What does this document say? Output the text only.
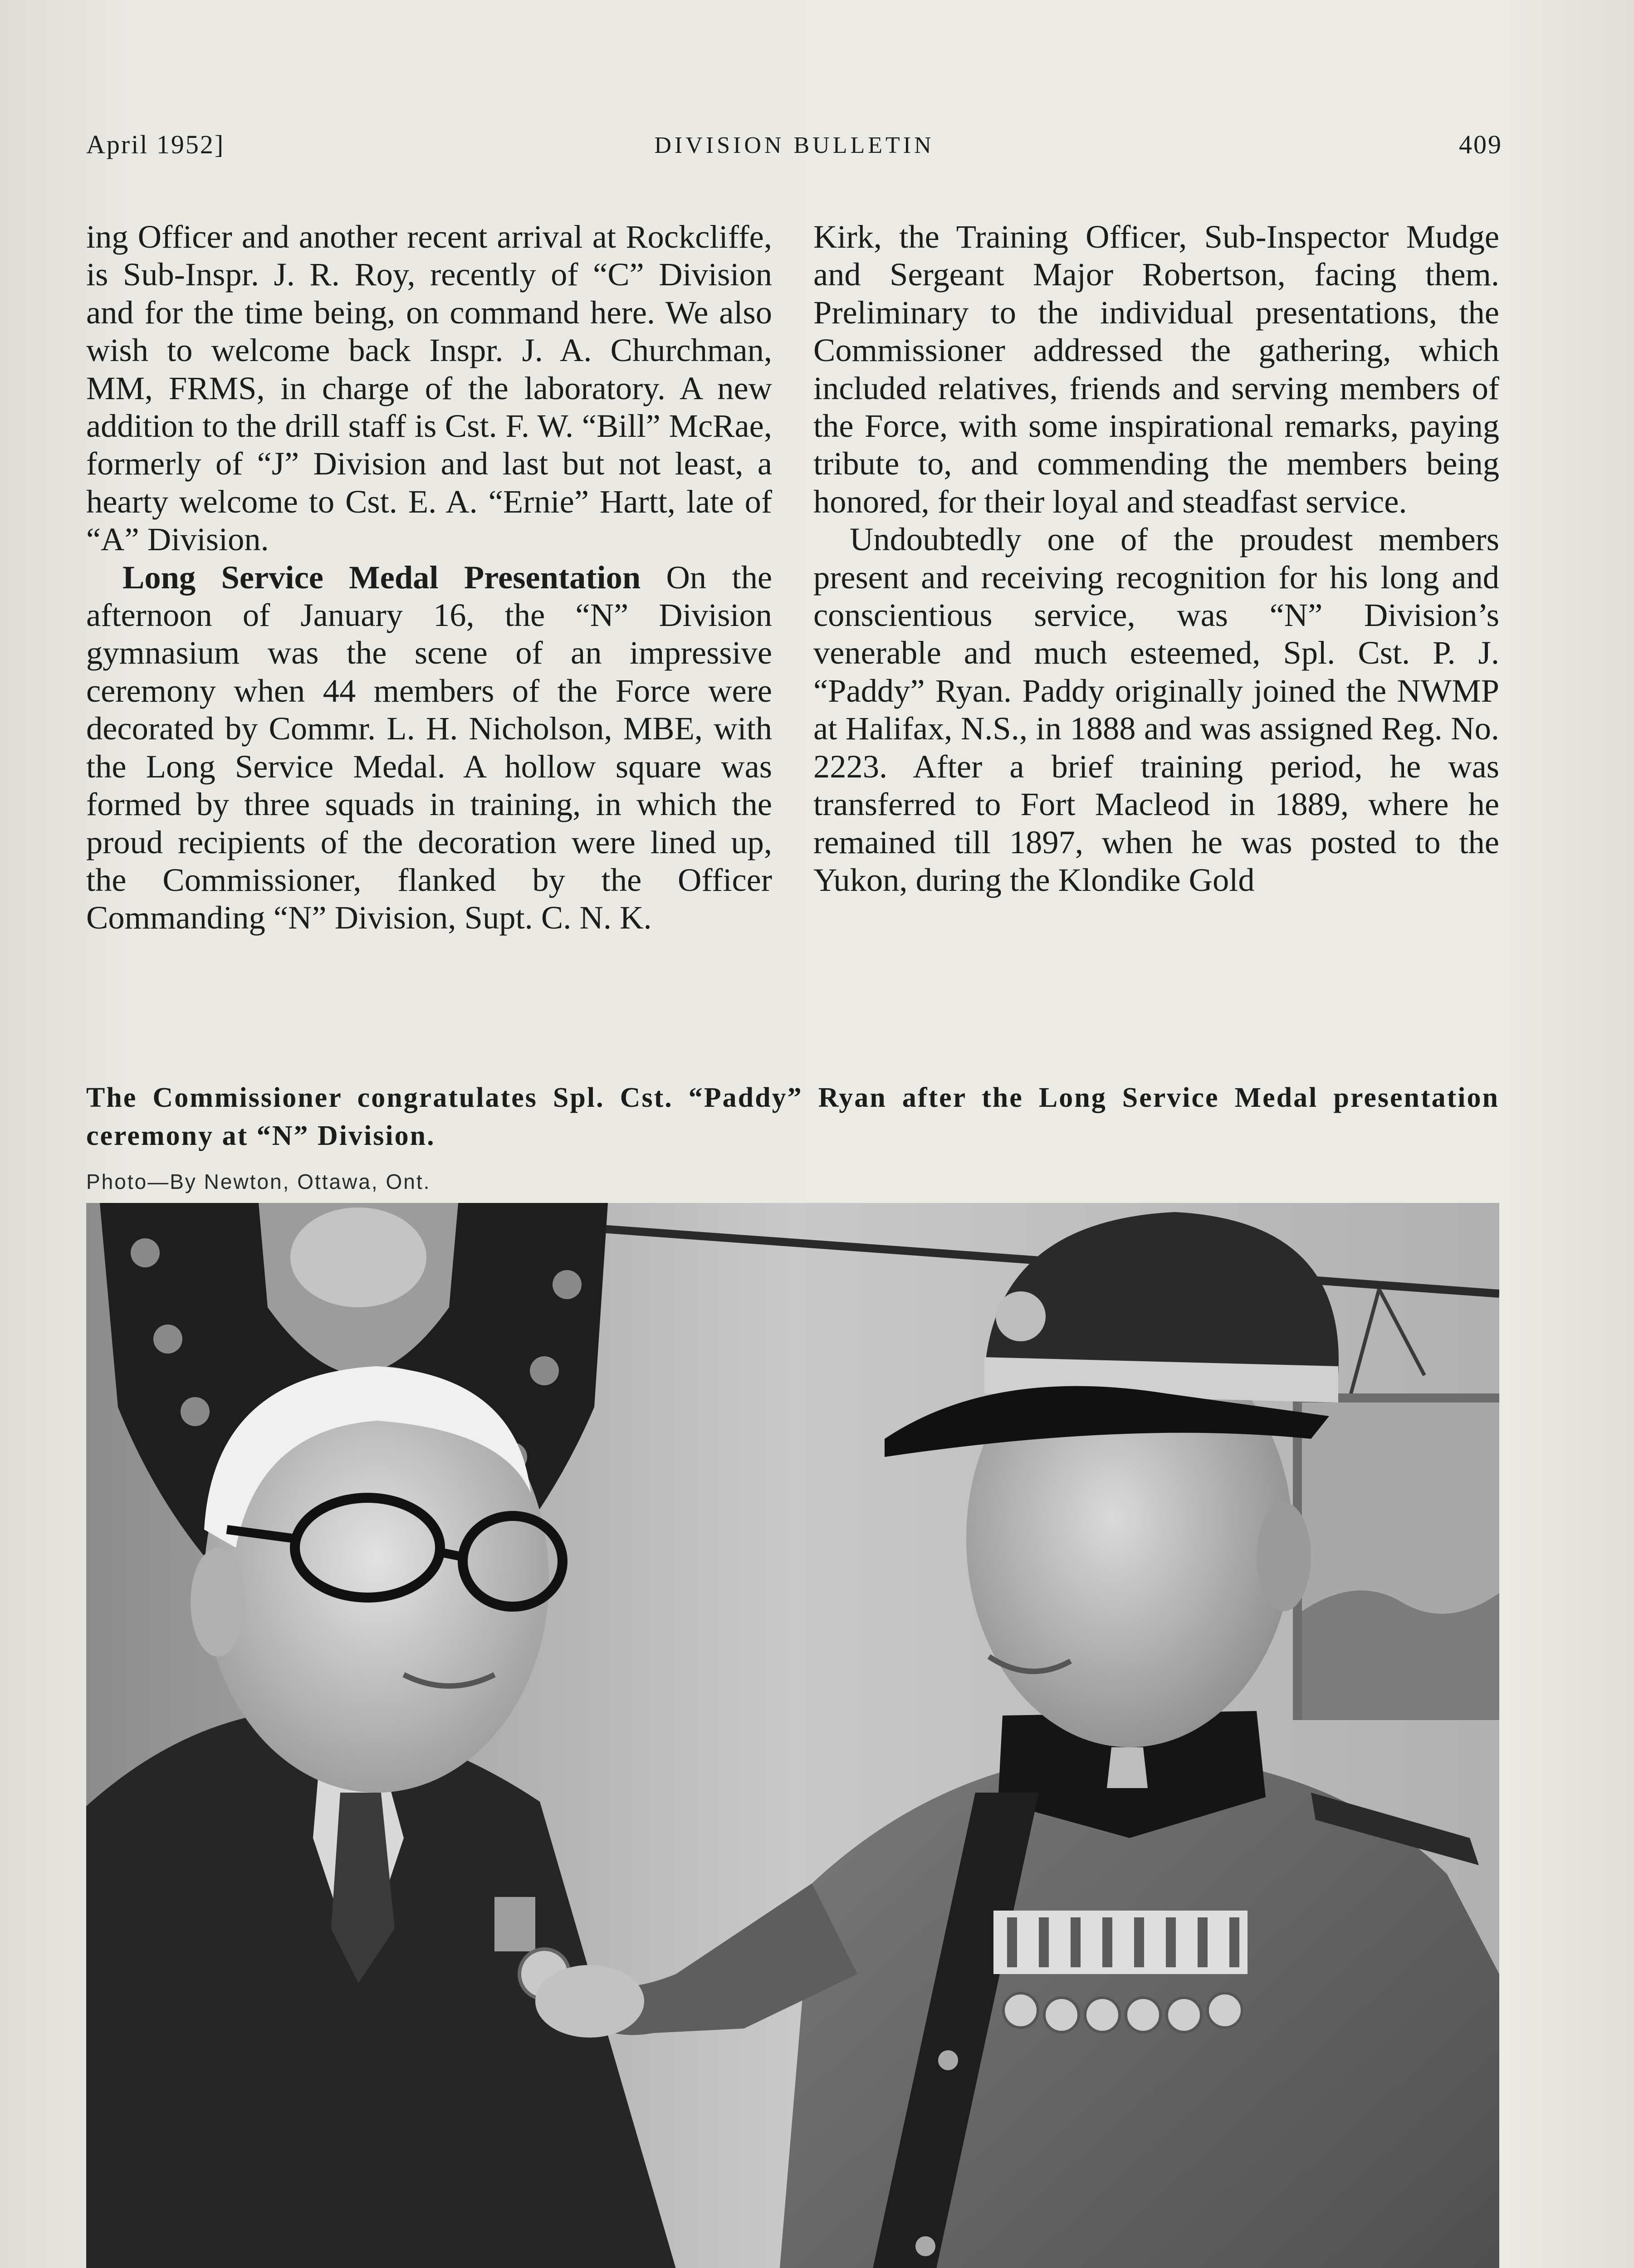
April 1952]	DIVISION BULLETIN	409

ing Officer and another recent arrival at Rockcliffe, is Sub-Inspr. J. R. Roy, recently of “C” Division and for the time being, on command here. We also wish to welcome back Inspr. J. A. Churchman, MM, FRMS, in charge of the laboratory. A new addition to the drill staff is Cst. F. W. “Bill” McRae, formerly of “J” Division and last but not least, a hearty welcome to Cst. E. A. “Ernie” Hartt, late of “A” Division.

Long Service Medal Presentation On the afternoon of January 16, the “N” Division gymnasium was the scene of an impressive ceremony when 44 members of the Force were decorated by Commr. L. H. Nicholson, MBE, with the Long Service Medal. A hollow square was formed by three squads in training, in which the proud recipients of the decoration were lined up, the Commissioner, flanked by the Officer Commanding “N” Division, Supt. C. N. K.

Kirk, the Training Officer, Sub-Inspector Mudge and Sergeant Major Robertson, facing them. Preliminary to the individual presentations, the Commissioner addressed the gathering, which included relatives, friends and serving members of the Force, with some inspirational remarks, paying tribute to, and commending the members being honored, for their loyal and steadfast service.

Undoubtedly one of the proudest members present and receiving recognition for his long and conscientious service, was “N” Division’s venerable and much esteemed, Spl. Cst. P. J. “Paddy” Ryan. Paddy originally joined the NWMP at Halifax, N.S., in 1888 and was assigned Reg. No. 2223. After a brief training period, he was transferred to Fort Macleod in 1889, where he remained till 1897, when he was posted to the Yukon, during the Klondike Gold

The Commissioner congratulates Spl. Cst. “Paddy” Ryan after the Long Service Medal presentation ceremony at “N” Division.
Photo—By Newton, Ottawa, Ont.
